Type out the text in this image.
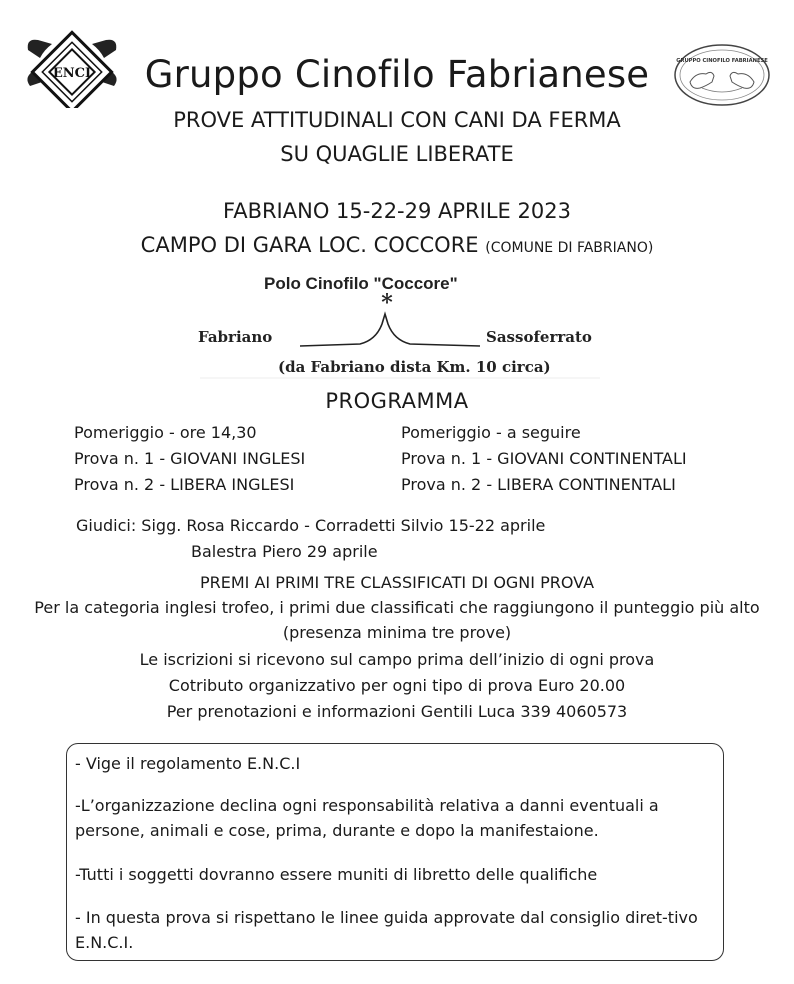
ENCI
GRUPPO CINOFILO FABRIANESE
Gruppo Cinofilo Fabrianese
PROVE ATTITUDINALI CON CANI DA FERMA
SU QUAGLIE LIBERATE
FABRIANO 15-22-29 APRILE 2023
CAMPO DI GARA LOC. COCCORE (COMUNE DI FABRIANO)
*
Polo Cinofilo "Coccore"
Fabriano	Sassoferrato
(da Fabriano dista Km. 10 circa)
PROGRAMMA
Pomeriggio - ore 14,30
Prova n. 1 - GIOVANI INGLESI
Prova n. 2 - LIBERA INGLESI
Pomeriggio - a seguire
Prova n. 1 - GIOVANI CONTINENTALI
Prova n. 2 - LIBERA CONTINENTALI
Giudici: Sigg. Rosa Riccardo - Corradetti Silvio 15-22 aprile
Balestra Piero 29 aprile
PREMI AI PRIMI TRE CLASSIFICATI DI OGNI PROVA
Per la categoria inglesi trofeo, i primi due classificati che raggiungono il punteggio più alto
(presenza minima tre prove)
Le iscrizioni si ricevono sul campo prima dell’inizio di ogni prova
Cotributo organizzativo per ogni tipo di prova Euro 20.00
Per prenotazioni e informazioni Gentili Luca 339 4060573

- Vige il regolamento E.N.C.I

-L’organizzazione declina ogni responsabilità relativa a danni eventuali a persone, animali e cose, prima, durante e dopo la manifestaione.

-Tutti i soggetti dovranno essere muniti di libretto delle qualifiche

- In questa prova si rispettano le linee guida approvate dal consiglio diret-tivo E.N.C.I.
